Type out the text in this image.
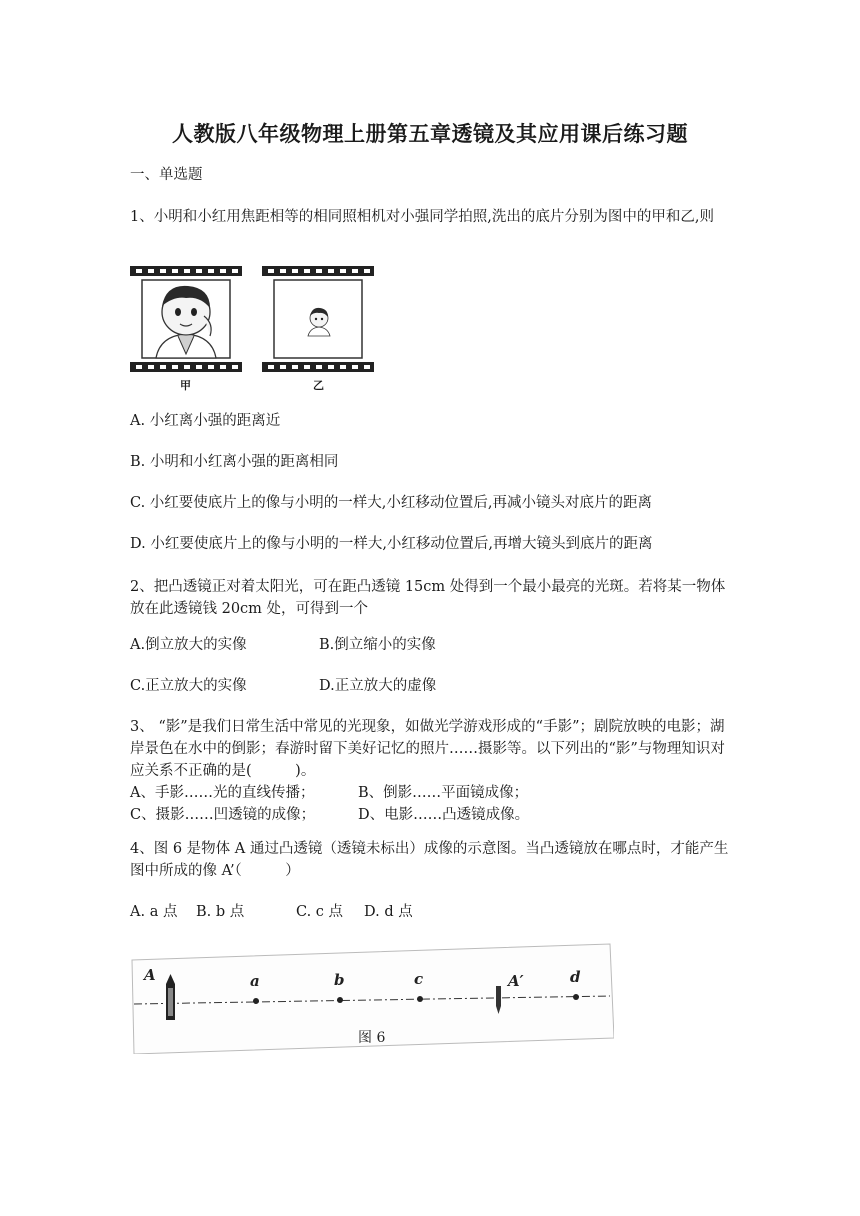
人教版八年级物理上册第五章透镜及其应用课后练习题
一、单选题
1、小明和小红用焦距相等的相同照相机对小强同学拍照,洗出的底片分别为图中的甲和乙,则
甲	乙
A. 小红离小强的距离近
B. 小明和小红离小强的距离相同
C. 小红要使底片上的像与小明的一样大,小红移动位置后,再减小镜头对底片的距离
D. 小红要使底片上的像与小明的一样大,小红移动位置后,再增大镜头到底片的距离
2、把凸透镜正对着太阳光，可在距凸透镜 15cm 处得到一个最小最亮的光斑。若将某一物体放在此透镜钱 20cm 处，可得到一个
A.倒立放大的实像	B.倒立缩小的实像
C.正立放大的实像	D.正立放大的虚像
3、 “影”是我们日常生活中常见的光现象，如做光学游戏形成的“手影”；剧院放映的电影；湖岸景色在水中的倒影；春游时留下美好记忆的照片……摄影等。以下列出的“影”与物理知识对应关系不正确的是(　　　)。
A、手影……光的直线传播；	B、倒影……平面镜成像；
C、摄影……凹透镜的成像；	D、电影……凸透镜成像。
4、图 6 是物体 A 通过凸透镜（透镜未标出）成像的示意图。当凸透镜放在哪点时，才能产生图中所成的像 A’（　　　）
A. a 点 B. b 点	C. c 点 D. d 点
A	a	b	c	A′	d
图 6
